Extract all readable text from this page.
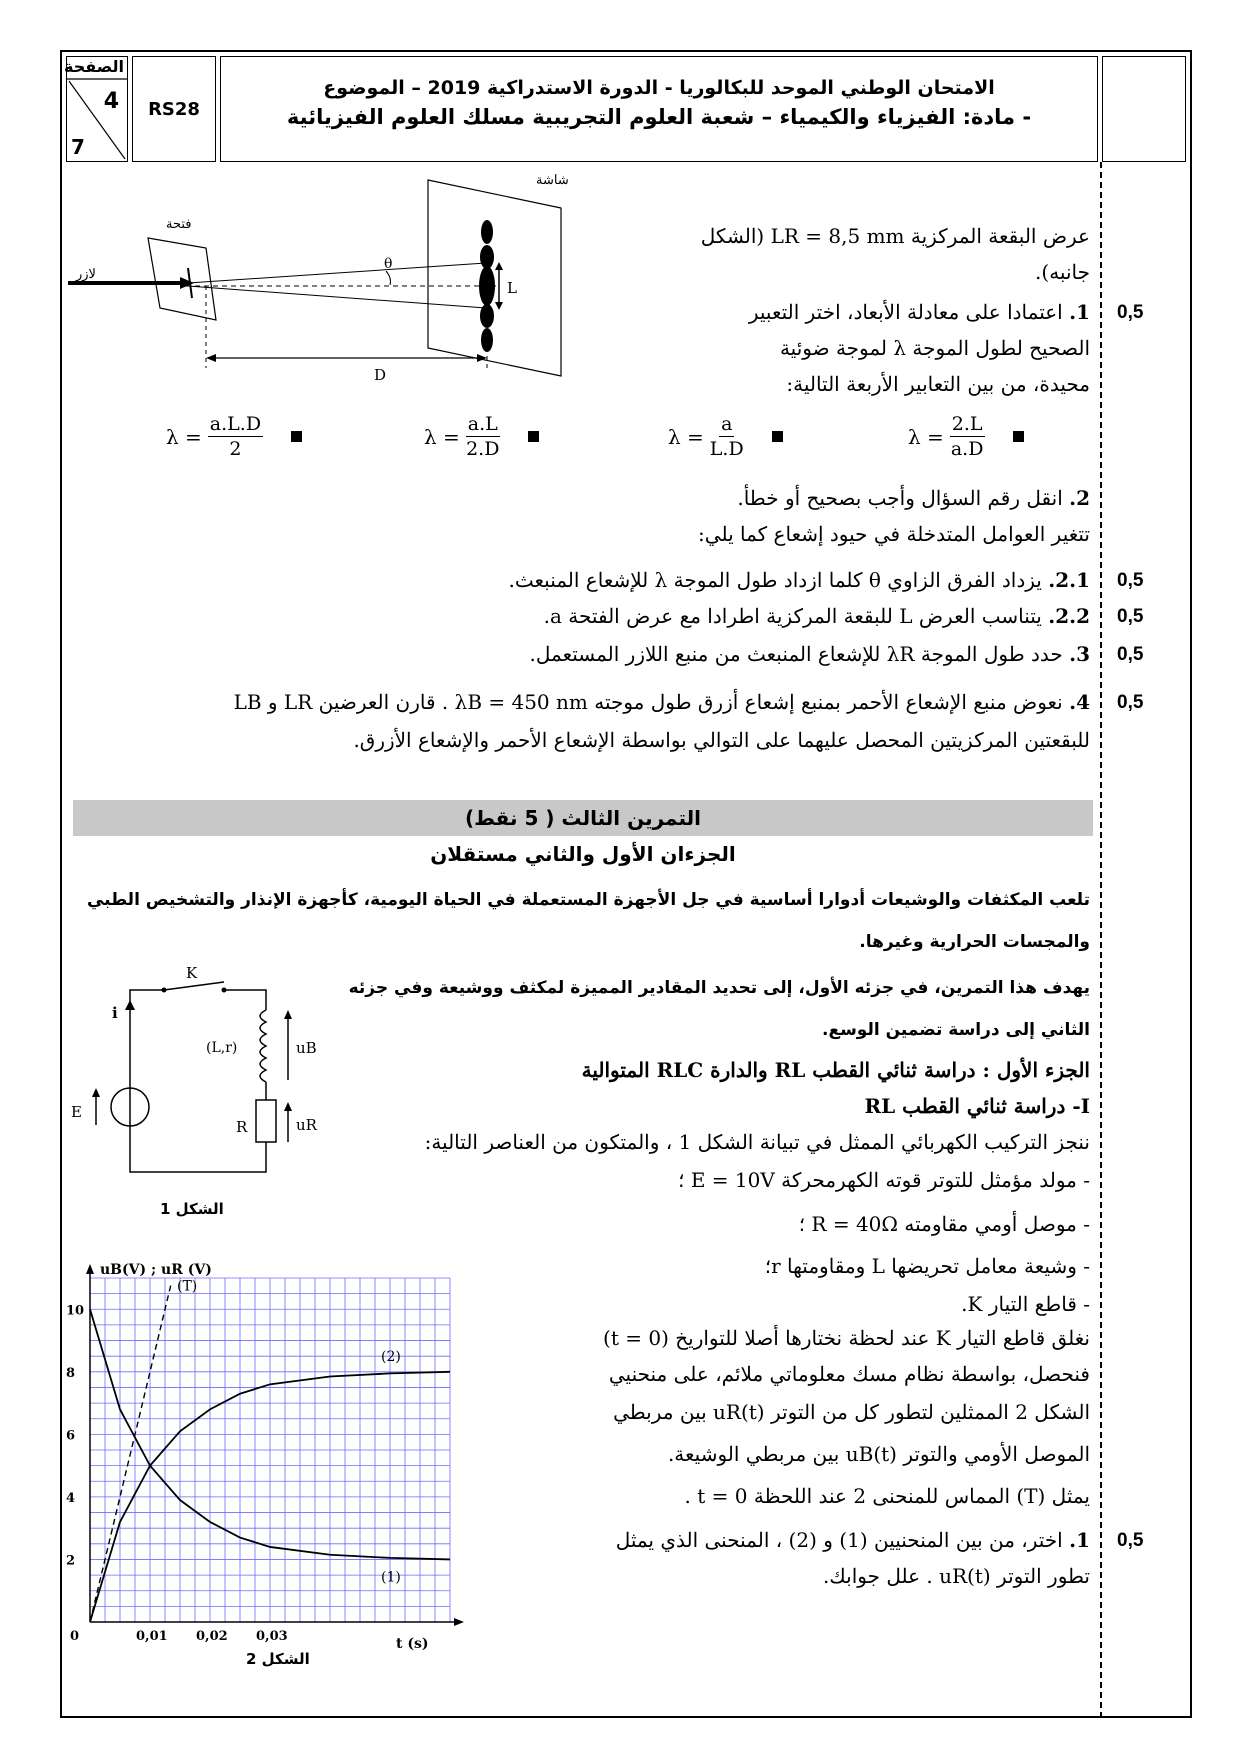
الصفحة
4
7
RS28
الامتحان الوطني الموحد للبكالوريا - الدورة الاستدراكية 2019 – الموضوع
- مادة: الفيزياء والكيمياء – شعبة العلوم التجريبية مسلك العلوم الفيزيائية
شاشة
فتحة
لازر
θ
L
D
عرض البقعة المركزية LR = 8,5 mm (الشكل
جانبه).
0,5
1. اعتمادا على معادلة الأبعاد، اختر التعبير
الصحيح لطول الموجة λ لموجة ضوئية
محيدة، من بين التعابير الأربعة التالية:
$\lambda = \frac{2.L}{a.D}$
$\lambda = \frac{a}{L.D}$
$\lambda = \frac{a.L}{2.D}$
$\lambda = \frac{a.L.D}{2}$
2. انقل رقم السؤال وأجب بصحيح أو خطأ.
تتغير العوامل المتدخلة في حيود إشعاع كما يلي:
0,5
2.1. يزداد الفرق الزاوي θ كلما ازداد طول الموجة λ للإشعاع المنبعث.
0,5
2.2. يتناسب العرض L للبقعة المركزية اطرادا مع عرض الفتحة a.
0,5
3. حدد طول الموجة λR للإشعاع المنبعث من منبع اللازر المستعمل.
0,5
4. نعوض منبع الإشعاع الأحمر بمنبع إشعاع أزرق طول موجته λB = 450 nm . قارن العرضين LR و LB
للبقعتين المركزيتين المحصل عليهما على التوالي بواسطة الإشعاع الأحمر والإشعاع الأزرق.
التمرين الثالث ( 5 نقط)
الجزءان الأول والثاني مستقلان
تلعب المكثفات والوشيعات أدوارا أساسية في جل الأجهزة المستعملة في الحياة اليومية، كأجهزة الإنذار والتشخيص الطبي
والمجسات الحرارية وغيرها.
يهدف هذا التمرين، في جزئه الأول، إلى تحديد المقادير المميزة لمكثف ووشيعة وفي جزئه
الثاني إلى دراسة تضمين الوسع.
الجزء الأول : دراسة ثنائي القطب RL والدارة RLC المتوالية
I- دراسة ثنائي القطب RL
ننجز التركيب الكهربائي الممثل في تبيانة الشكل 1 ، والمتكون من العناصر التالية:
- مولد مؤمثل للتوتر قوته الكهرمحركة E = 10V ؛
- موصل أومي مقاومته R = 40Ω ؛
- وشيعة معامل تحريضها L ومقاومتها r؛
- قاطع التيار K.
نغلق قاطع التيار K عند لحظة نختارها أصلا للتواريخ (t = 0)
فنحصل، بواسطة نظام مسك معلوماتي ملائم، على منحنيي
الشكل 2 الممثلين لتطور كل من التوتر uR(t) بين مربطي
الموصل الأومي والتوتر uB(t) بين مربطي الوشيعة.
يمثل (T) المماس للمنحنى 2 عند اللحظة t = 0 .
0,5
1. اختر، من بين المنحنيين (1) و (2) ، المنحنى الذي يمثل
تطور التوتر uR(t) . علل جوابك.
K
(L,r)
R
E
i
uB
uR
الشكل 1
2
4
6
8
10
0	0,01 0,02 0,03
uB(V) ; uR (V)
t (s)
(T)
(2)
(1)
الشكل 2
